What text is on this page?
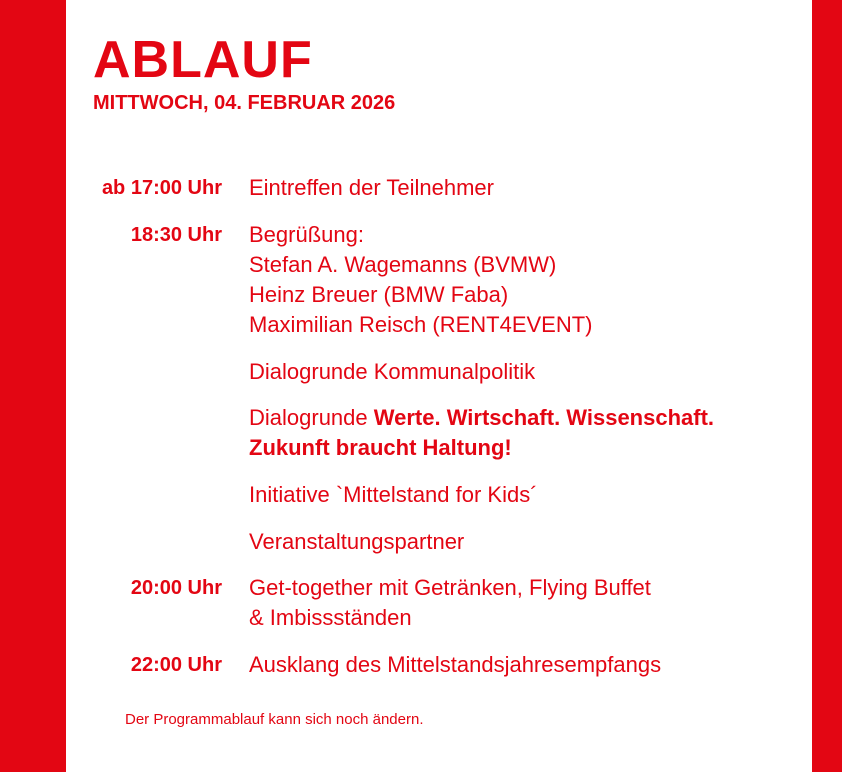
ABLAUF
MITTWOCH, 04. FEBRUAR 2026
ab 17:00 Uhr Eintreffen der Teilnehmer
18:30 Uhr Begrüßung:
Stefan A. Wagemanns (BVMW)
Heinz Breuer (BMW Faba)
Maximilian Reisch (RENT4EVENT)
Dialogrunde Kommunalpolitik
Dialogrunde Werte. Wirtschaft. Wissenschaft.
Zukunft braucht Haltung!
Initiative `Mittelstand for Kids´
Veranstaltungspartner
20:00 Uhr Get-together mit Getränken, Flying Buffet
& Imbissständen
22:00 Uhr Ausklang des Mittelstandsjahresempfangs

Der Programmablauf kann sich noch ändern.
